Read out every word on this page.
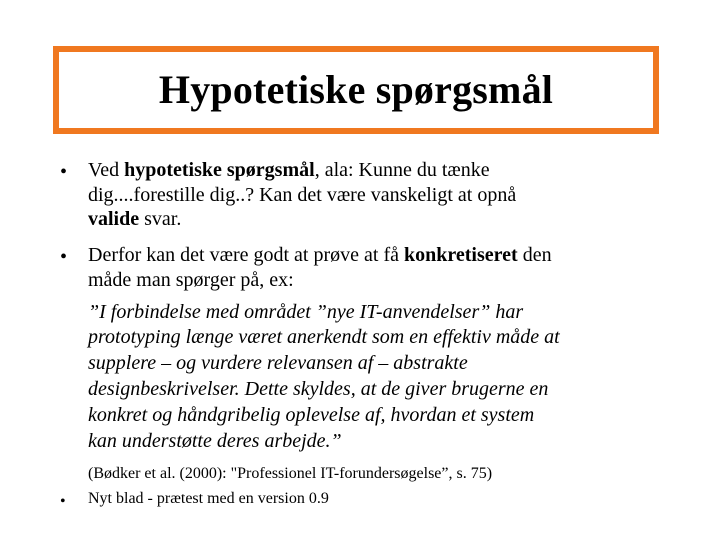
Hypotetiske spørgsmål
• Ved hypotetiske spørgsmål, ala: Kunne du tænke
dig....forestille dig..? Kan det være vanskeligt at opnå
valide svar.
• Derfor kan det være godt at prøve at få konkretiseret den
måde man spørger på, ex:
”I forbindelse med området ”nye IT-anvendelser” har
prototyping længe været anerkendt som en effektiv måde at
supplere – og vurdere relevansen af – abstrakte
designbeskrivelser. Dette skyldes, at de giver brugerne en
konkret og håndgribelig oplevelse af, hvordan et system
kan understøtte deres arbejde.”
(Bødker et al. (2000): "Professionel IT-forundersøgelse”, s. 75)
• Nyt blad - prætest med en version 0.9
